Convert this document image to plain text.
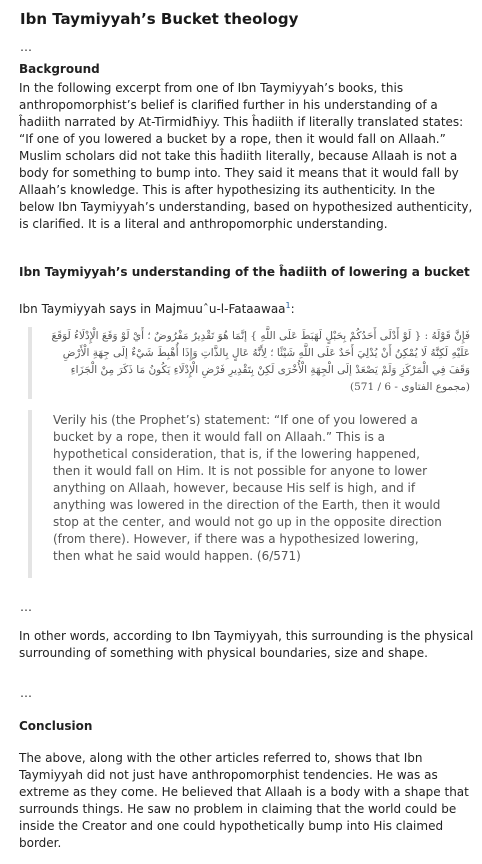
Ibn Taymiyyah’s Bucket theology
…
Background

In the following excerpt from one of Ibn Taymiyyah’s books, this anthropomorphist’s belief is clarified further in his understanding of a ĥadiith narrated by At-Tirmidħiyy. This ĥadiith if literally translated states: “If one of you lowered a bucket by a rope, then it would fall on Allaah.” Muslim scholars did not take this ĥadiith literally, because Allaah is not a body for something to bump into. They said it means that it would fall by Allaah’s knowledge. This is after hypothesizing its authenticity. In the below Ibn Taymiyyah’s understanding, based on hypothesized authenticity, is clarified. It is a literal and anthropomorphic understanding.

Ibn Taymiyyah’s understanding of the ĥadiith of lowering a bucket
Ibn Taymiyyah says in Majmuuˆu-l-Fataawaa$^1$:
فَإِنَّ قَوْلَهُ : { لَوْ أَدْلَى أَحَدُكُمْ بِحَبْلٍ لَهَبَطَ عَلَى اللَّهِ } إنَّمَا هُوَ تَقْدِيرٌ مَفْرُوضٌ ؛ أَيْ لَوْ وَقَعَ الْإِدْلَاءُ لَوَقَعَ عَلَيْهِ لَكِنَّهُ لَا يُمْكِنُ أَنْ يُدْلِيَ أَحَدٌ عَلَى اللَّهِ شَيْئًا ؛ لِأَنَّهُ عَالٍ بِالذَّاتِ وَإِذَا أُهْبِطَ شَيْءٌ إلَى جِهَةِ الْأَرْضِ وَقَفَ فِي الْمَرْكَزِ وَلَمْ يَصْعَدْ إلَى الْجِهَةِ الْأُخْرَى لَكِنْ بِتَقْدِيرِ فَرْضِ الْإِدْلَاءِ يَكُونُ مَا ذَكَرَ مِنْ الْجَزَاءِ (مجموع الفتاوى - 6 / 571)
Verily his (the Prophet’s) statement: “If one of you lowered a bucket by a rope, then it would fall on Allaah.” This is a hypothetical consideration, that is, if the lowering happened, then it would fall on Him. It is not possible for anyone to lower anything on Allaah, however, because His self is high, and if anything was lowered in the direction of the Earth, then it would stop at the center, and would not go up in the opposite direction (from there). However, if there was a hypothesized lowering, then what he said would happen. (6/571)
…

In other words, according to Ibn Taymiyyah, this surrounding is the physical surrounding of something with physical boundaries, size and shape.

…
Conclusion

The above, along with the other articles referred to, shows that Ibn Taymiyyah did not just have anthropomorphist tendencies. He was as extreme as they come. He believed that Allaah is a body with a shape that surrounds things. He saw no problem in claiming that the world could be inside the Creator and one could hypothetically bump into His claimed border.
